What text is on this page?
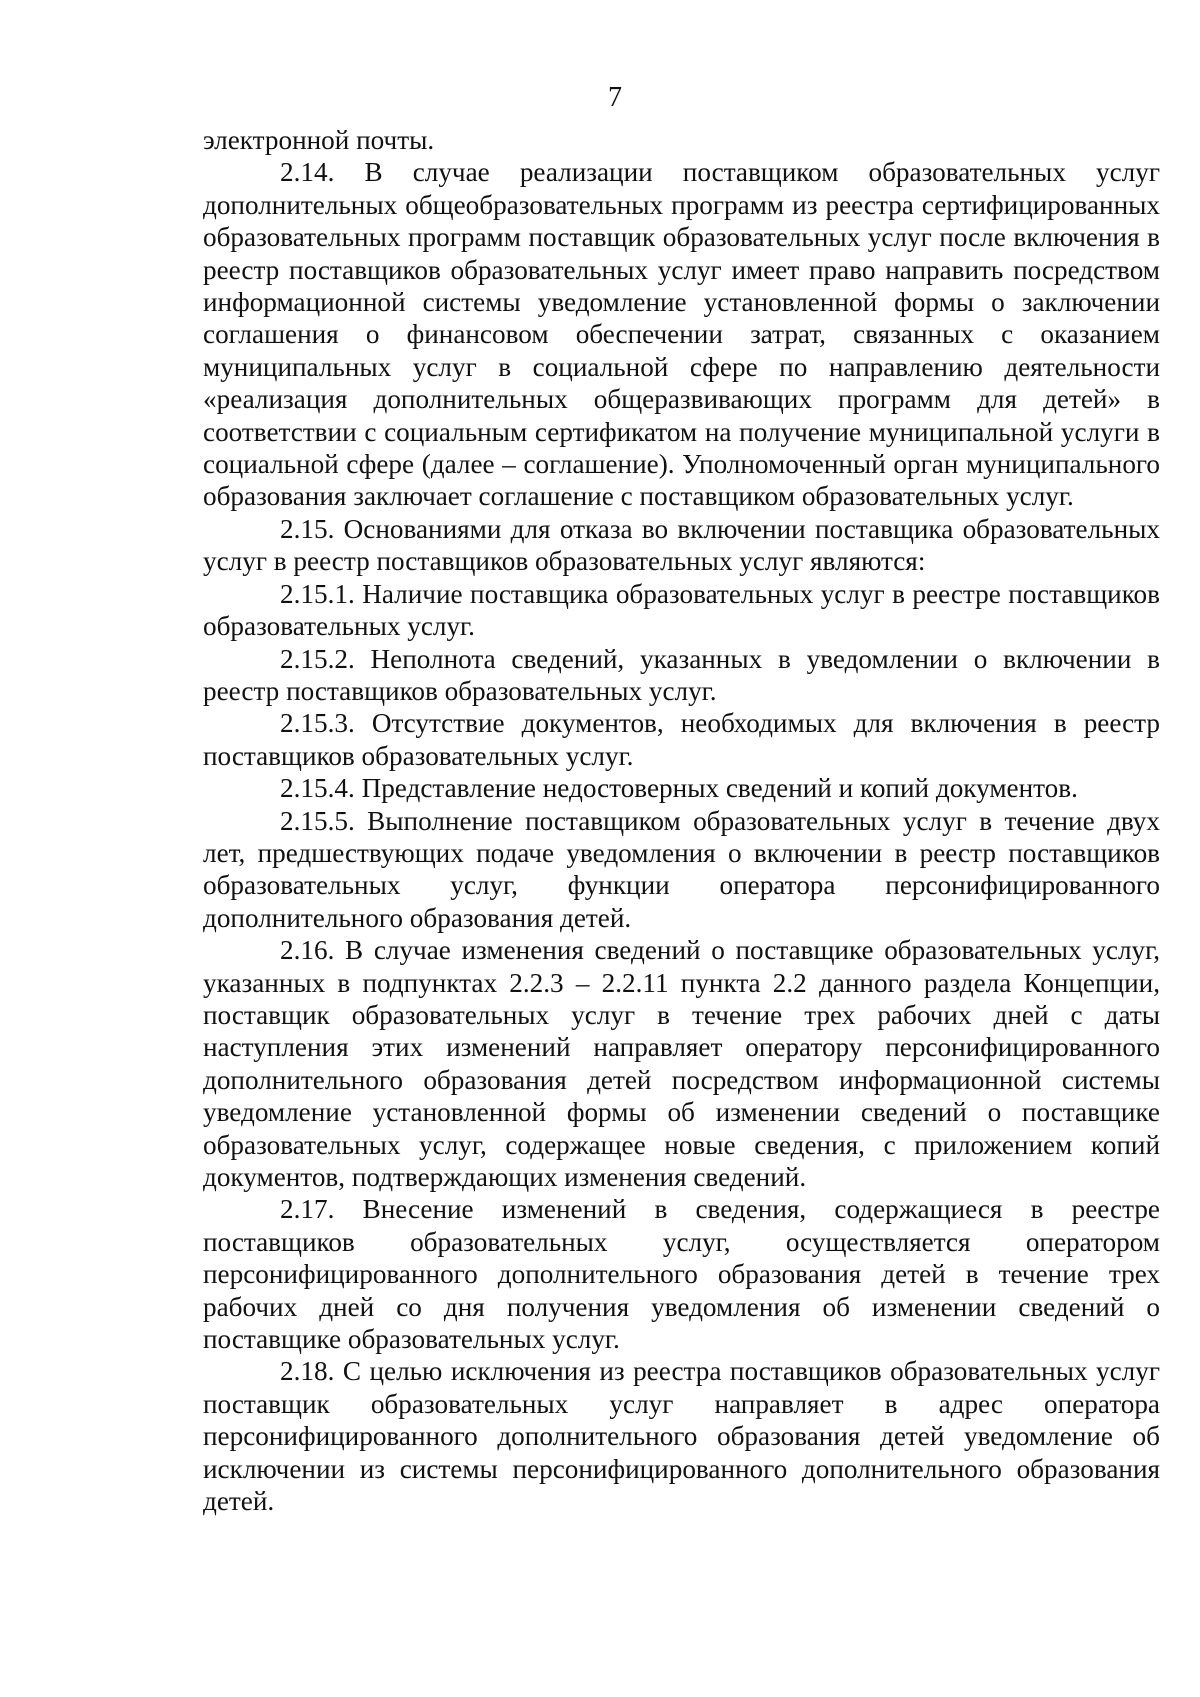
7

электронной почты.

2.14. В случае реализации поставщиком образовательных услуг дополнительных общеобразовательных программ из реестра сертифицированных образовательных программ поставщик образовательных услуг после включения в реестр поставщиков образовательных услуг имеет право направить посредством информационной системы уведомление установленной формы о заключении соглашения о финансовом обеспечении затрат, связанных с оказанием муниципальных услуг в социальной сфере по направлению деятельности «реализация дополнительных общеразвивающих программ для детей» в соответствии с социальным сертификатом на получение муниципальной услуги в социальной сфере (далее – соглашение). Уполномоченный орган муниципального образования заключает соглашение с поставщиком образовательных услуг.

2.15. Основаниями для отказа во включении поставщика образовательных услуг в реестр поставщиков образовательных услуг являются:

2.15.1. Наличие поставщика образовательных услуг в реестре поставщиков образовательных услуг.

2.15.2. Неполнота сведений, указанных в уведомлении о включении в реестр поставщиков образовательных услуг.

2.15.3. Отсутствие документов, необходимых для включения в реестр поставщиков образовательных услуг.

2.15.4. Представление недостоверных сведений и копий документов.

2.15.5. Выполнение поставщиком образовательных услуг в течение двух лет, предшествующих подаче уведомления о включении в реестр поставщиков образовательных услуг, функции оператора персонифицированного дополнительного образования детей.

2.16. В случае изменения сведений о поставщике образовательных услуг, указанных в подпунктах 2.2.3 – 2.2.11 пункта 2.2 данного раздела Концепции, поставщик образовательных услуг в течение трех рабочих дней с даты наступления этих изменений направляет оператору персонифицированного дополнительного образования детей посредством информационной системы уведомление установленной формы об изменении сведений о поставщике образовательных услуг, содержащее новые сведения, с приложением копий документов, подтверждающих изменения сведений.

2.17. Внесение изменений в сведения, содержащиеся в реестре поставщиков образовательных услуг, осуществляется оператором персонифицированного дополнительного образования детей в течение трех рабочих дней со дня получения уведомления об изменении сведений о поставщике образовательных услуг.

2.18. С целью исключения из реестра поставщиков образовательных услуг поставщик образовательных услуг направляет в адрес оператора персонифицированного дополнительного образования детей уведомление об исключении из системы персонифицированного дополнительного образования детей.
